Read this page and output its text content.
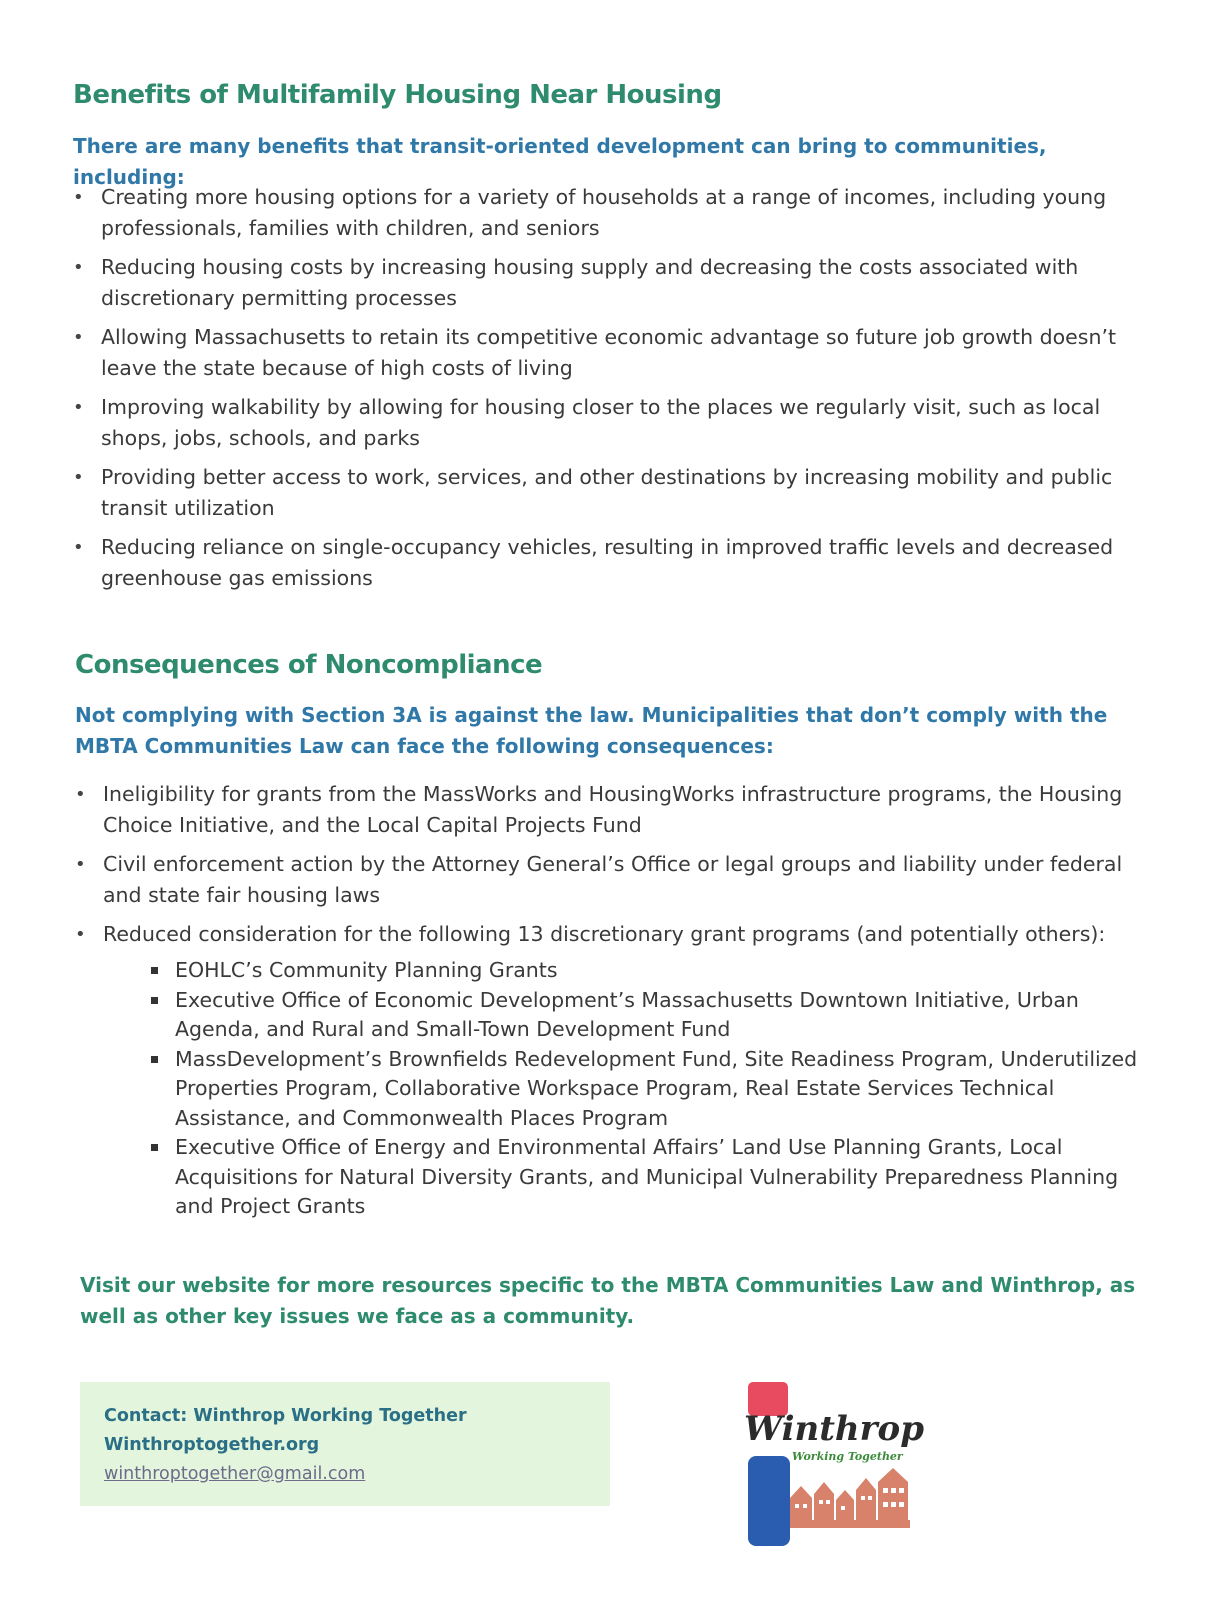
Benefits of Multifamily Housing Near Housing

There are many benefits that transit-oriented development can bring to communities, including:

• Creating more housing options for a variety of households at a range of incomes, including young professionals, families with children, and seniors
• Reducing housing costs by increasing housing supply and decreasing the costs associated with discretionary permitting processes
• Allowing Massachusetts to retain its competitive economic advantage so future job growth doesn’t leave the state because of high costs of living
• Improving walkability by allowing for housing closer to the places we regularly visit, such as local shops, jobs, schools, and parks
• Providing better access to work, services, and other destinations by increasing mobility and public transit utilization
• Reducing reliance on single-occupancy vehicles, resulting in improved traffic levels and decreased greenhouse gas emissions
Consequences of Noncompliance

Not complying with Section 3A is against the law. Municipalities that don’t comply with the MBTA Communities Law can face the following consequences:

• Ineligibility for grants from the MassWorks and HousingWorks infrastructure programs, the Housing Choice Initiative, and the Local Capital Projects Fund
• Civil enforcement action by the Attorney General’s Office or legal groups and liability under federal and state fair housing laws
• Reduced consideration for the following 13 discretionary grant programs (and potentially others):
EOHLC’s Community Planning Grants
Executive Office of Economic Development’s Massachusetts Downtown Initiative, Urban Agenda, and Rural and Small-Town Development Fund
MassDevelopment’s Brownfields Redevelopment Fund, Site Readiness Program, Underutilized Properties Program, Collaborative Workspace Program, Real Estate Services Technical Assistance, and Commonwealth Places Program
Executive Office of Energy and Environmental Affairs’ Land Use Planning Grants, Local Acquisitions for Natural Diversity Grants, and Municipal Vulnerability Preparedness Planning and Project Grants

Visit our website for more resources specific to the MBTA Communities Law and Winthrop, as well as other key issues we face as a community.

Contact: Winthrop Working Together
Winthroptogether.org
winthroptogether@gmail.com
Winthrop
Working Together
